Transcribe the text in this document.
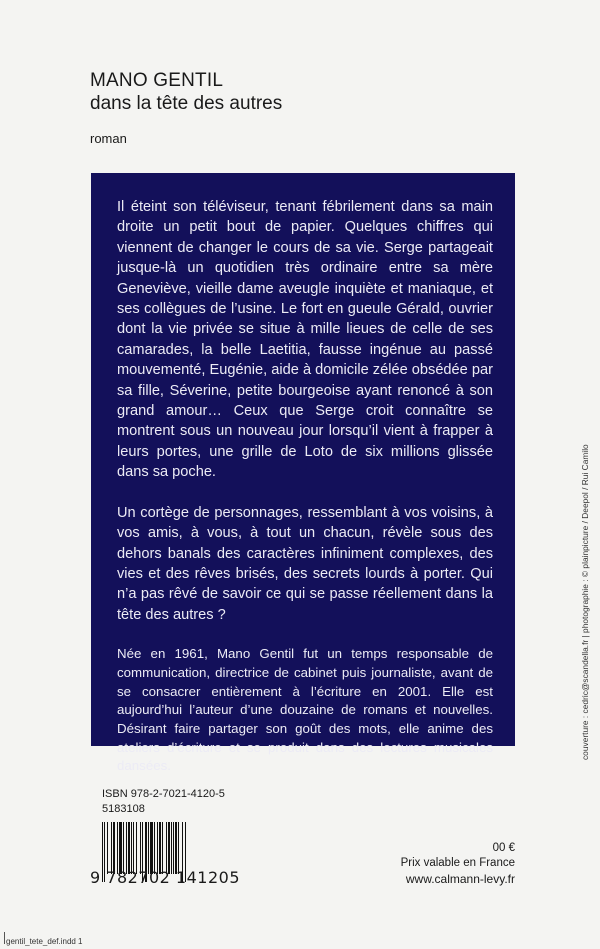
MANO GENTIL
dans la tête des autres
roman

Il éteint son téléviseur, tenant fébrilement dans sa main droite un petit bout de papier. Quelques chiffres qui viennent de changer le cours de sa vie. Serge partageait jusque-là un quotidien très ordinaire entre sa mère Geneviève, vieille dame aveugle inquiète et maniaque, et ses collègues de l’usine. Le fort en gueule Gérald, ouvrier dont la vie privée se situe à mille lieues de celle de ses camarades, la belle Laetitia, fausse ingénue au passé mouvementé, Eugénie, aide à domicile zélée obsédée par sa fille, Séverine, petite bourgeoise ayant renoncé à son grand amour… Ceux que Serge croit connaître se montrent sous un nouveau jour lorsqu’il vient à frapper à leurs portes, une grille de Loto de six millions glissée dans sa poche.

Un cortège de personnages, ressemblant à vos voisins, à vos amis, à vous, à tout un chacun, révèle sous des dehors banals des caractères infiniment complexes, des vies et des rêves brisés, des secrets lourds à porter. Qui n’a pas rêvé de savoir ce qui se passe réellement dans la tête des autres ?

Née en 1961, Mano Gentil fut un temps responsable de communication, directrice de cabinet puis journaliste, avant de se consacrer entièrement à l’écriture en 2001. Elle est aujourd’hui l’auteur d’une douzaine de romans et nouvelles. Désirant faire partager son goût des mots, elle anime des ateliers d’écriture et se produit dans des lectures musicales dansées.

ISBN 978-2-7021-4120-5
5183108
9 782702 141205
00 €
Prix valable en France
www.calmann-levy.fr
couverture : cedric@scandella.fr | photographie : © plainpicture / Deepol / Rui Camilo
gentil_tete_def.indd 1
